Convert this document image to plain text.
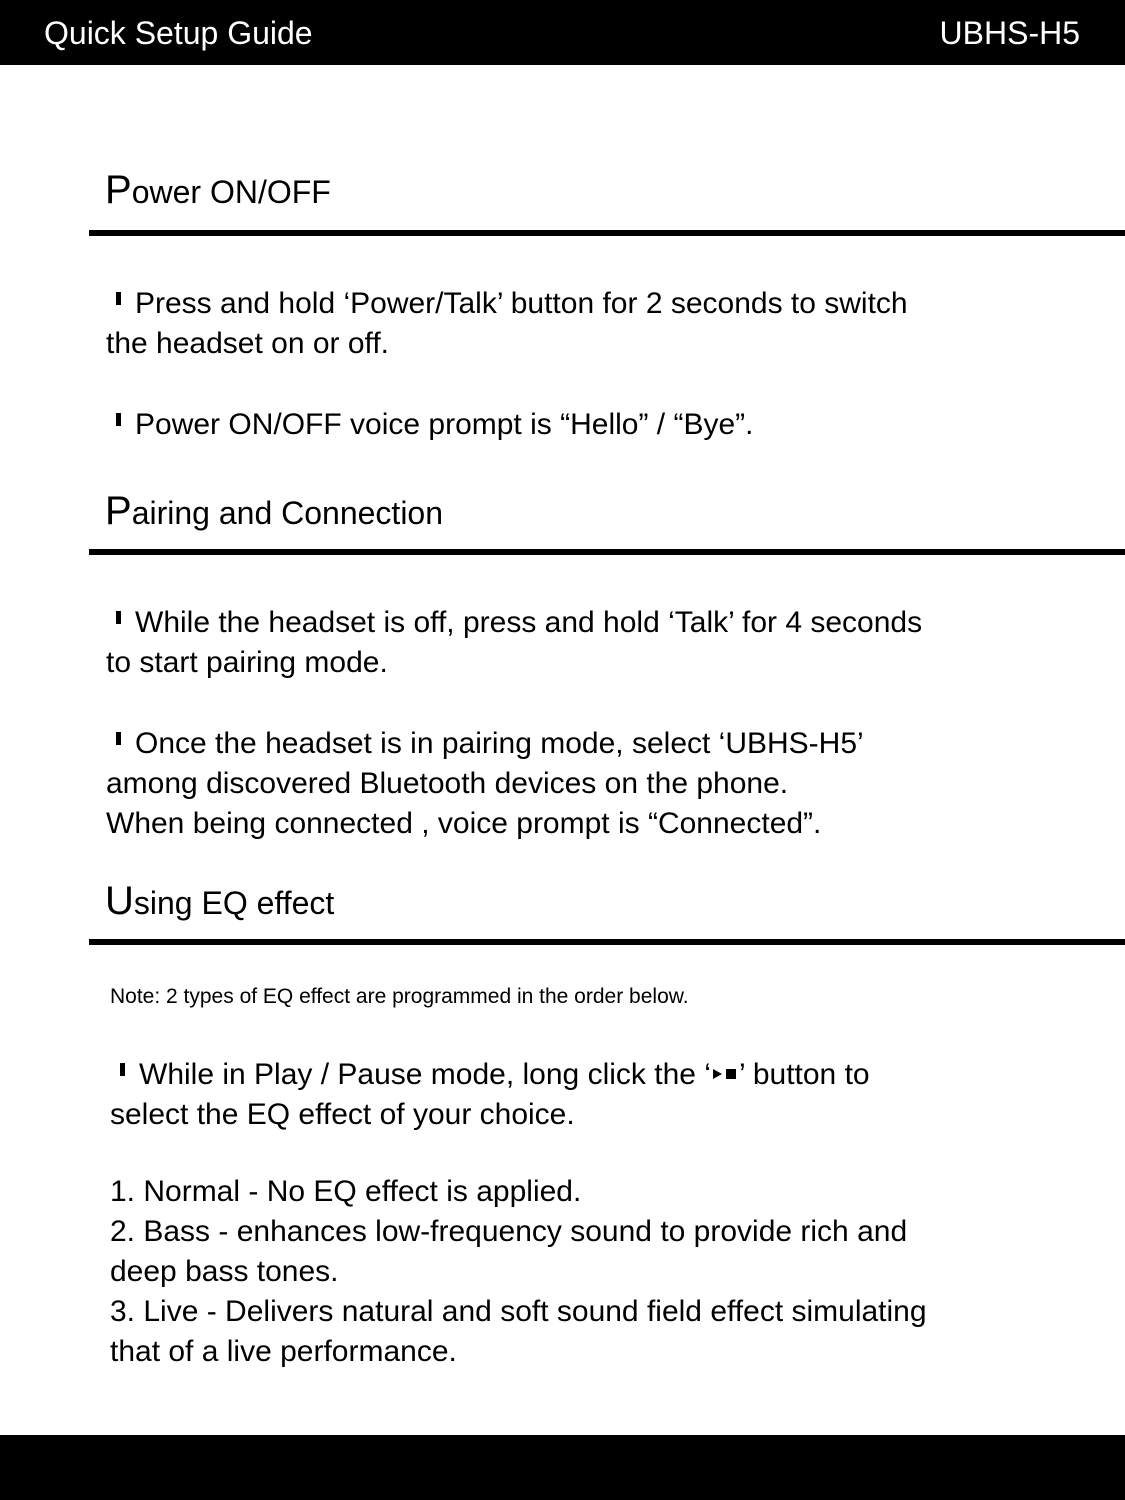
Quick Setup Guide	UBHS-H5
Power ON/OFF
Press and hold ‘Power/Talk’ button for 2 seconds to switch
the headset on or off.
Power ON/OFF voice prompt is “Hello” / “Bye”.
Pairing and Connection
While the headset is off, press and hold ‘Talk’ for 4 seconds
to start pairing mode.
Once the headset is in pairing mode, select ‘UBHS-H5’
among discovered Bluetooth devices on the phone.
When being connected , voice prompt is “Connected”.
Using EQ effect
Note: 2 types of EQ effect are programmed in the order below.
While in Play / Pause mode, long click the ‘ ’ button to
select the EQ effect of your choice.
1. Normal - No EQ effect is applied.
2. Bass - enhances low-frequency sound to provide rich and
deep bass tones.
3. Live - Delivers natural and soft sound field effect simulating
that of a live performance.
